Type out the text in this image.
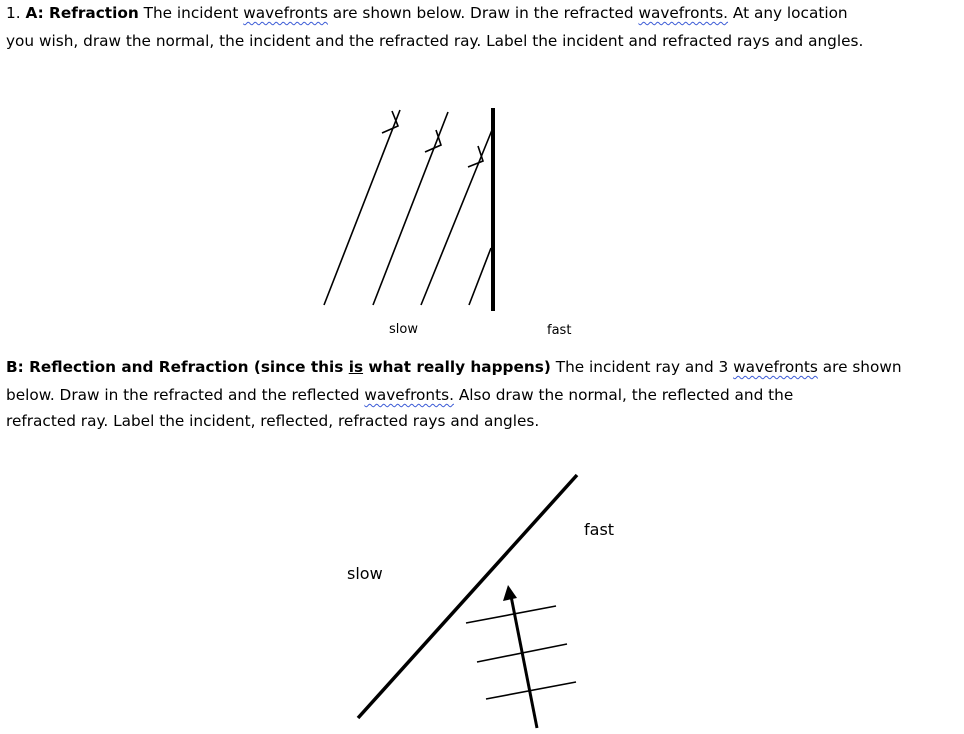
1. A: Refraction The incident wavefronts are shown below. Draw in the refracted wavefronts. At any location
you wish, draw the normal, the incident and the refracted ray. Label the incident and refracted rays and angles.
slow	fast
B: Reflection and Refraction (since this is what really happens) The incident ray and 3 wavefronts are shown
below. Draw in the refracted and the reflected wavefronts. Also draw the normal, the reflected and the
refracted ray. Label the incident, reflected, refracted rays and angles.
slow
fast
